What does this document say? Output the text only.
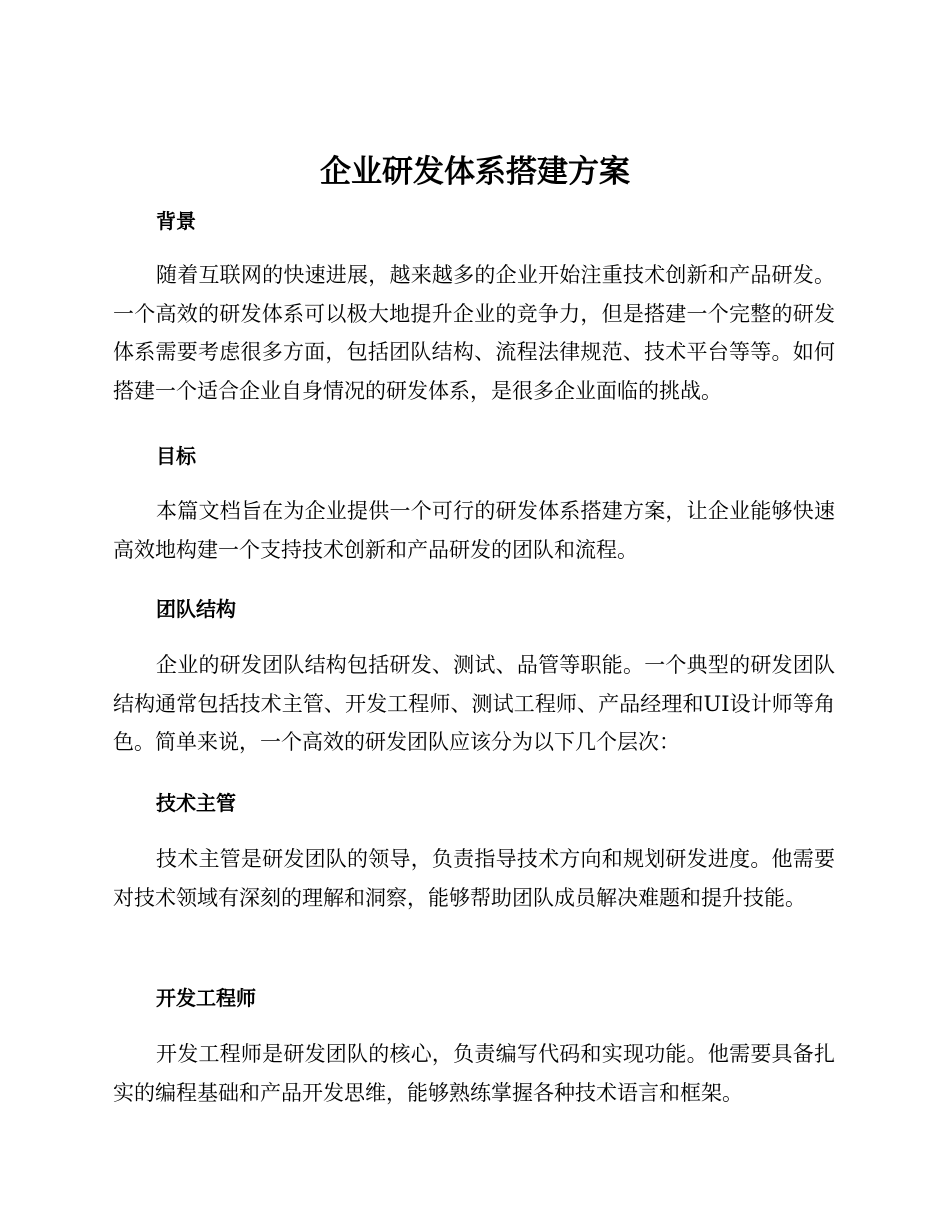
企业研发体系搭建方案
背景

随着互联网的快速进展，越来越多的企业开始注重技术创新和产品研发。一个高效的研发体系可以极大地提升企业的竞争力，但是搭建一个完整的研发体系需要考虑很多方面，包括团队结构、流程法律规范、技术平台等等。如何搭建一个适合企业自身情况的研发体系，是很多企业面临的挑战。

目标

本篇文档旨在为企业提供一个可行的研发体系搭建方案，让企业能够快速高效地构建一个支持技术创新和产品研发的团队和流程。

团队结构

企业的研发团队结构包括研发、测试、品管等职能。一个典型的研发团队结构通常包括技术主管、开发工程师、测试工程师、产品经理和UI设计师等角色。简单来说，一个高效的研发团队应该分为以下几个层次：

技术主管

技术主管是研发团队的领导，负责指导技术方向和规划研发进度。他需要对技术领域有深刻的理解和洞察，能够帮助团队成员解决难题和提升技能。

开发工程师

开发工程师是研发团队的核心，负责编写代码和实现功能。他需要具备扎实的编程基础和产品开发思维，能够熟练掌握各种技术语言和框架。
